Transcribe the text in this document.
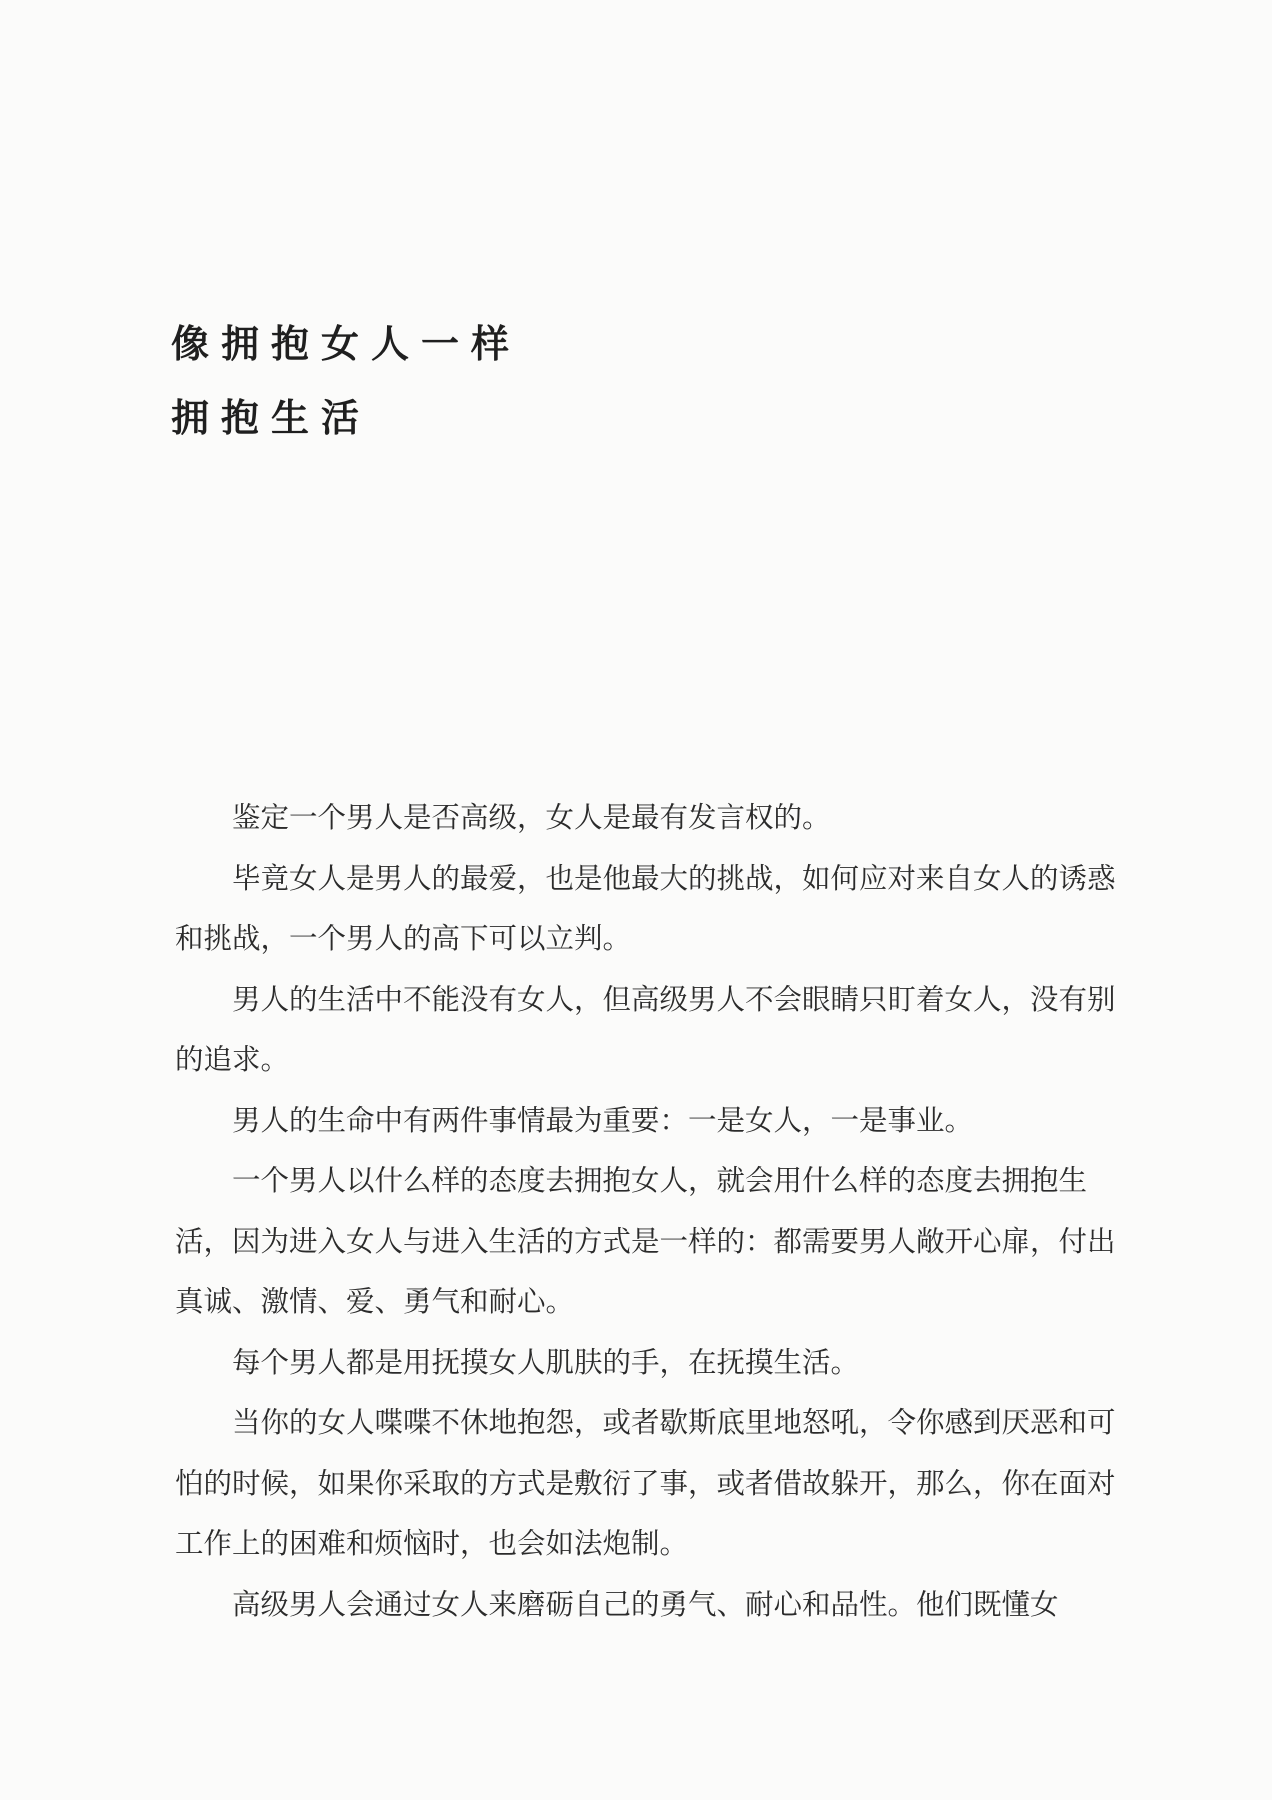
像拥抱女人一样
拥抱生活

鉴定一个男人是否高级，女人是最有发言权的。

毕竟女人是男人的最爱，也是他最大的挑战，如何应对来自女人的诱惑和挑战，一个男人的高下可以立判。

男人的生活中不能没有女人，但高级男人不会眼睛只盯着女人，没有别的追求。

男人的生命中有两件事情最为重要：一是女人，一是事业。

一个男人以什么样的态度去拥抱女人，就会用什么样的态度去拥抱生活，因为进入女人与进入生活的方式是一样的：都需要男人敞开心扉，付出真诚、激情、爱、勇气和耐心。

每个男人都是用抚摸女人肌肤的手，在抚摸生活。

当你的女人喋喋不休地抱怨，或者歇斯底里地怒吼，令你感到厌恶和可怕的时候，如果你采取的方式是敷衍了事，或者借故躲开，那么，你在面对工作上的困难和烦恼时，也会如法炮制。

高级男人会通过女人来磨砺自己的勇气、耐心和品性。他们既懂女
